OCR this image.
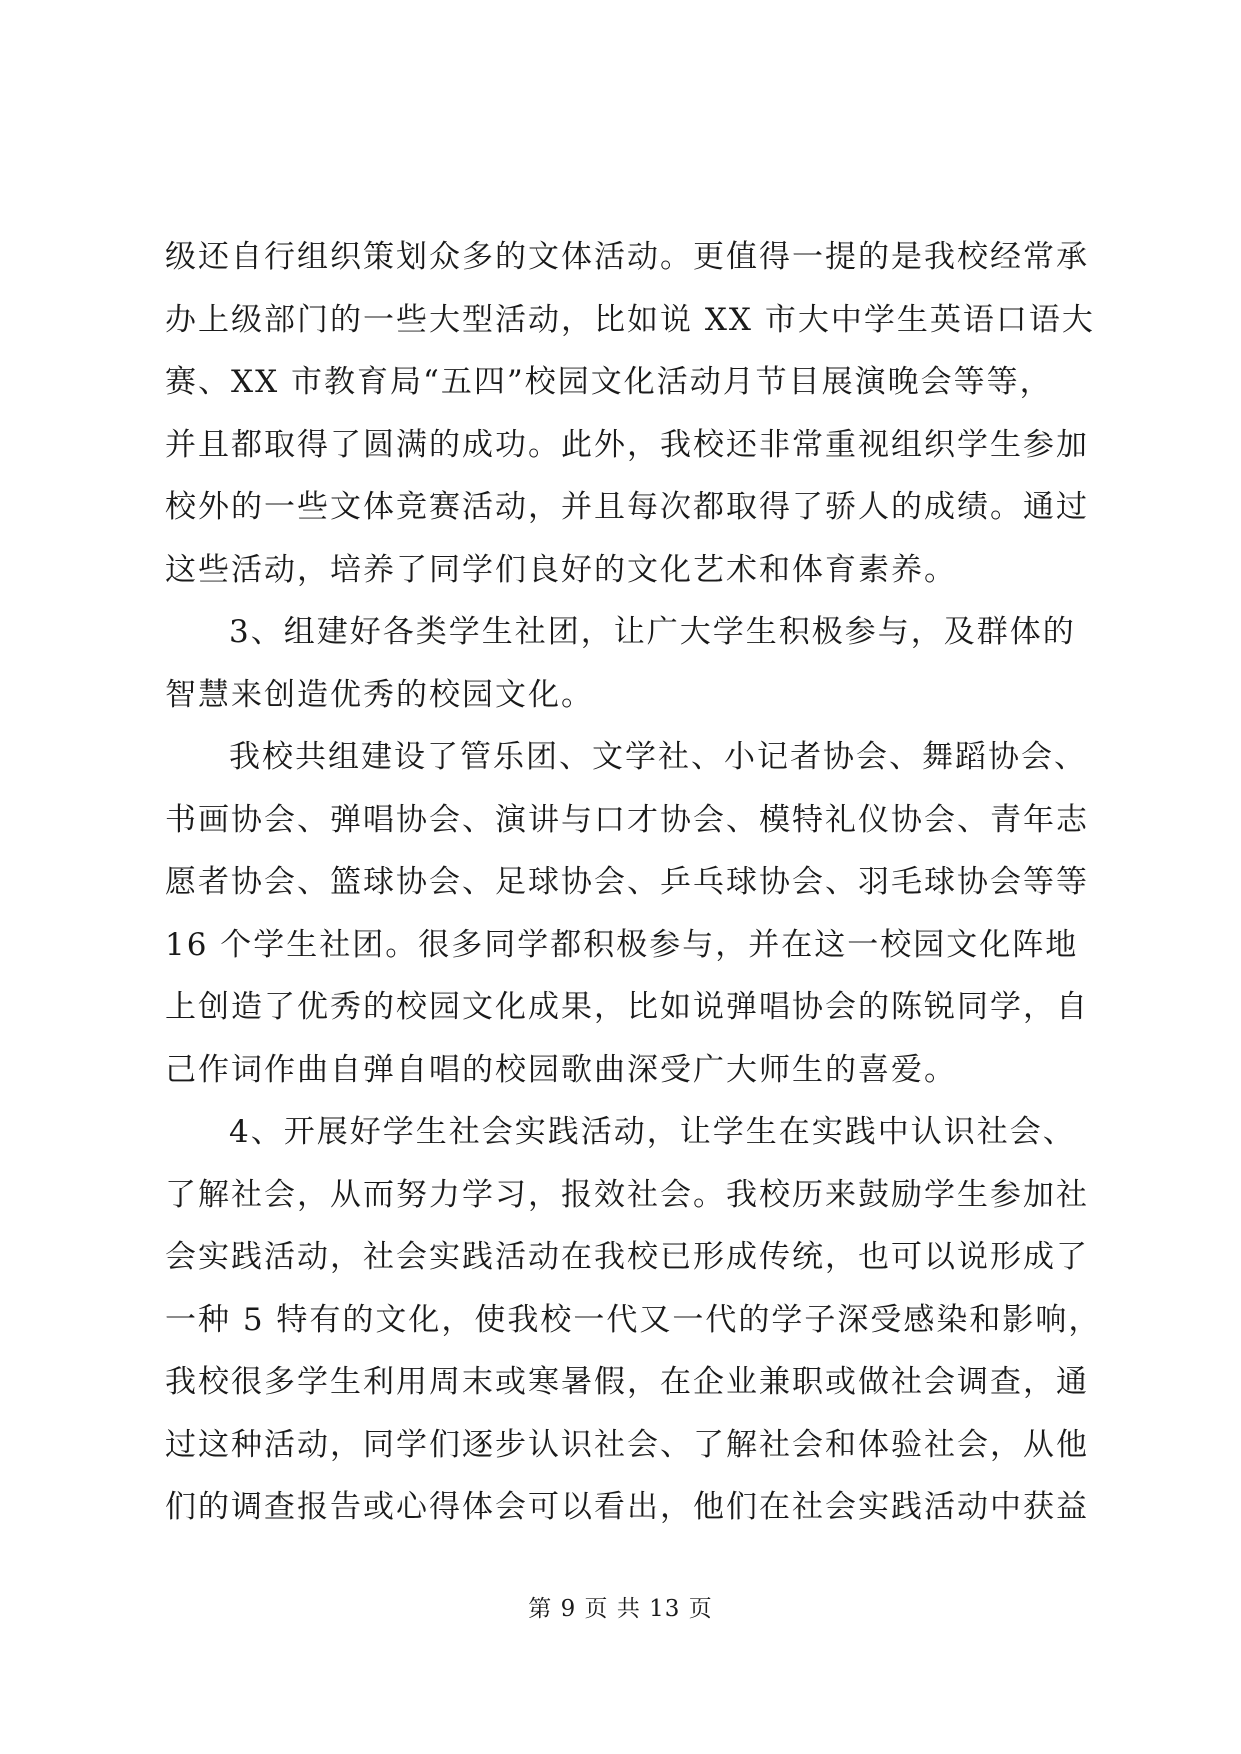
级还自行组织策划众多的文体活动。更值得一提的是我校经常承
办上级部门的一些大型活动，比如说 XX 市大中学生英语口语大
赛、XX 市教育局“五四”校园文化活动月节目展演晚会等等，
并且都取得了圆满的成功。此外，我校还非常重视组织学生参加
校外的一些文体竞赛活动，并且每次都取得了骄人的成绩。通过
这些活动，培养了同学们良好的文化艺术和体育素养。
3、组建好各类学生社团，让广大学生积极参与，及群体的
智慧来创造优秀的校园文化。
我校共组建设了管乐团、文学社、小记者协会、舞蹈协会、
书画协会、弹唱协会、演讲与口才协会、模特礼仪协会、青年志
愿者协会、篮球协会、足球协会、乒乓球协会、羽毛球协会等等
16 个学生社团。很多同学都积极参与，并在这一校园文化阵地
上创造了优秀的校园文化成果，比如说弹唱协会的陈锐同学，自
己作词作曲自弹自唱的校园歌曲深受广大师生的喜爱。
4、开展好学生社会实践活动，让学生在实践中认识社会、
了解社会，从而努力学习，报效社会。我校历来鼓励学生参加社
会实践活动，社会实践活动在我校已形成传统，也可以说形成了
一种 5 特有的文化，使我校一代又一代的学子深受感染和影响，
我校很多学生利用周末或寒暑假，在企业兼职或做社会调查，通
过这种活动，同学们逐步认识社会、了解社会和体验社会，从他
们的调查报告或心得体会可以看出，他们在社会实践活动中获益
第 9 页 共 13 页
